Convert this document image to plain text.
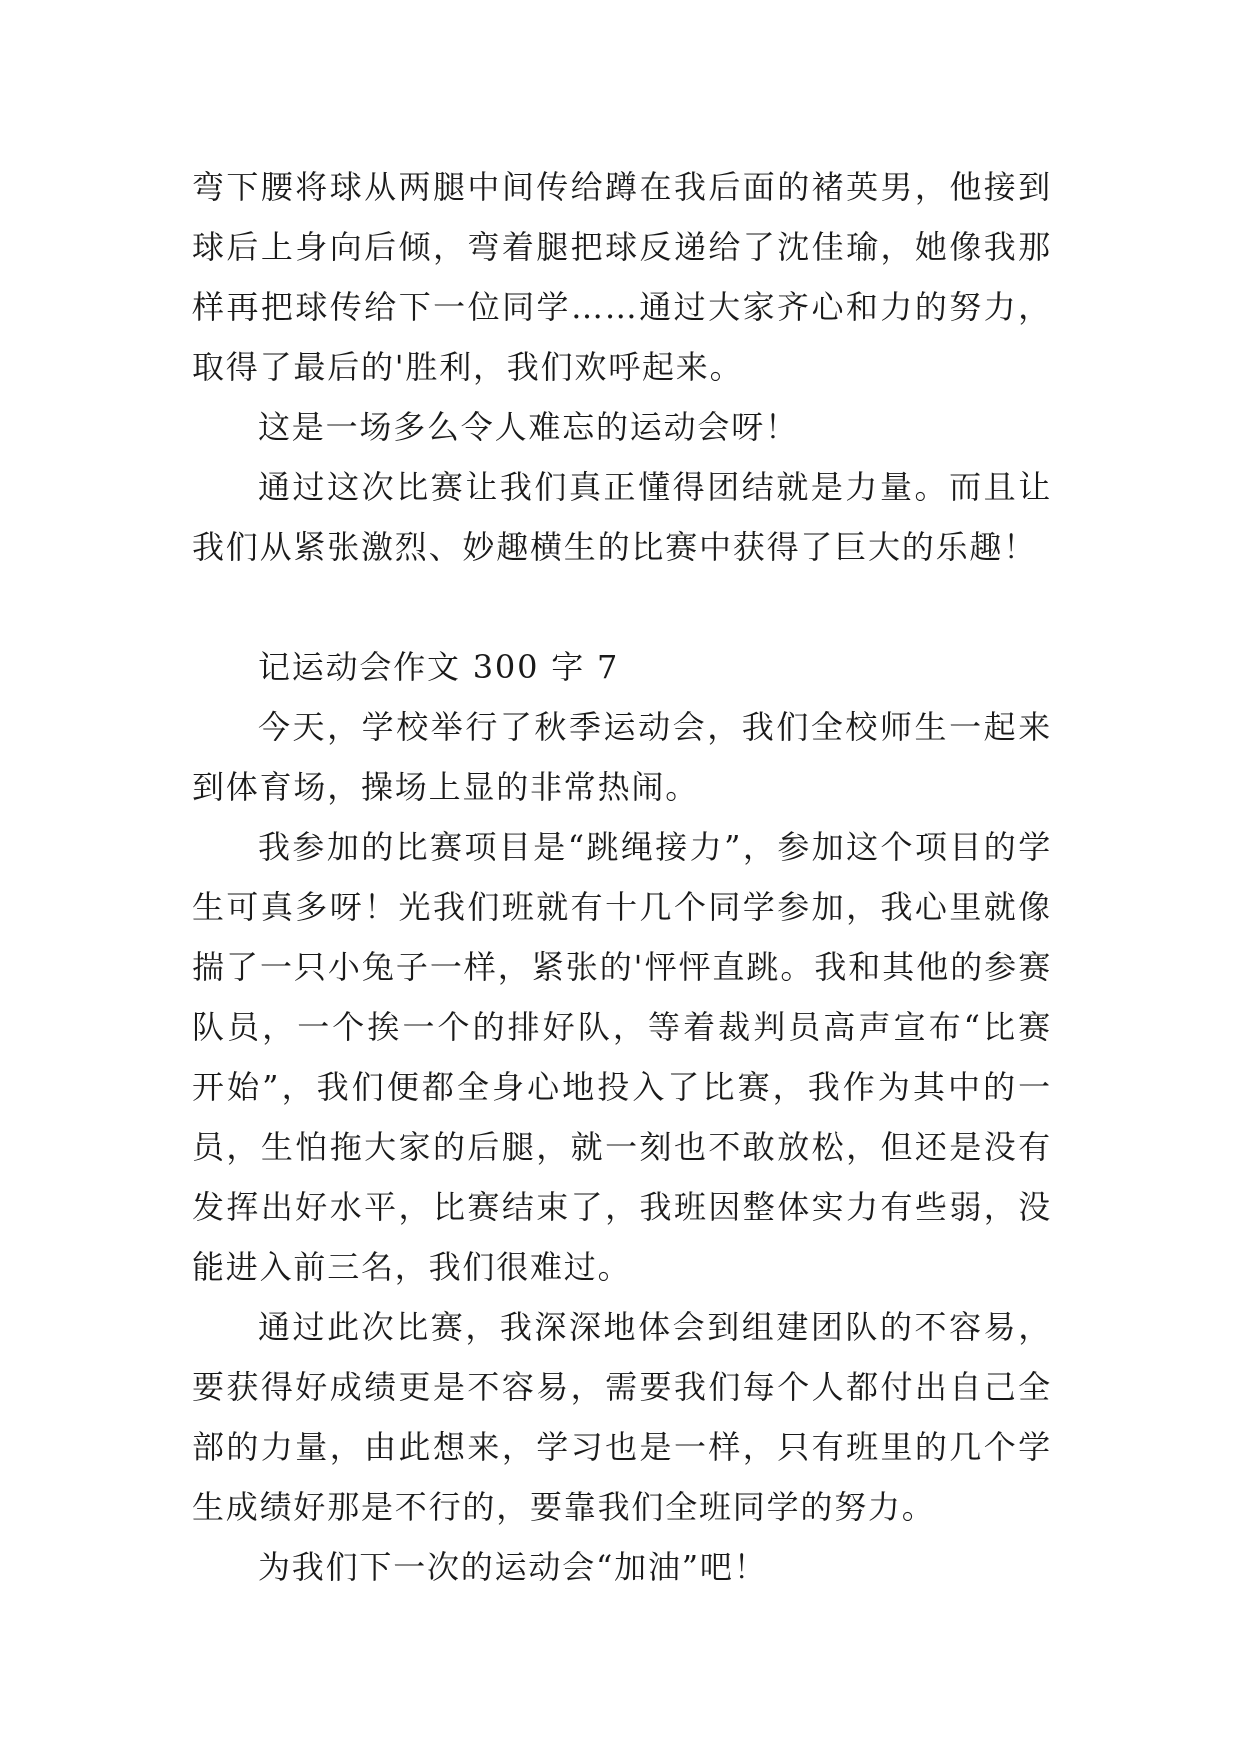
弯下腰将球从两腿中间传给蹲在我后面的褚英男，他接到球后上身向后倾，弯着腿把球反递给了沈佳瑜，她像我那样再把球传给下一位同学……通过大家齐心和力的努力，取得了最后的'胜利，我们欢呼起来。

这是一场多么令人难忘的运动会呀！

通过这次比赛让我们真正懂得团结就是力量。而且让我们从紧张激烈、妙趣横生的比赛中获得了巨大的乐趣！

记运动会作文 300 字 7

今天，学校举行了秋季运动会，我们全校师生一起来到体育场，操场上显的非常热闹。

我参加的比赛项目是“跳绳接力”，参加这个项目的学生可真多呀！光我们班就有十几个同学参加，我心里就像揣了一只小兔子一样，紧张的'怦怦直跳。我和其他的参赛队员，一个挨一个的排好队，等着裁判员高声宣布“比赛开始”，我们便都全身心地投入了比赛，我作为其中的一员，生怕拖大家的后腿，就一刻也不敢放松，但还是没有发挥出好水平，比赛结束了，我班因整体实力有些弱，没能进入前三名，我们很难过。

通过此次比赛，我深深地体会到组建团队的不容易，要获得好成绩更是不容易，需要我们每个人都付出自己全部的力量，由此想来，学习也是一样，只有班里的几个学生成绩好那是不行的，要靠我们全班同学的努力。

为我们下一次的运动会“加油”吧！
